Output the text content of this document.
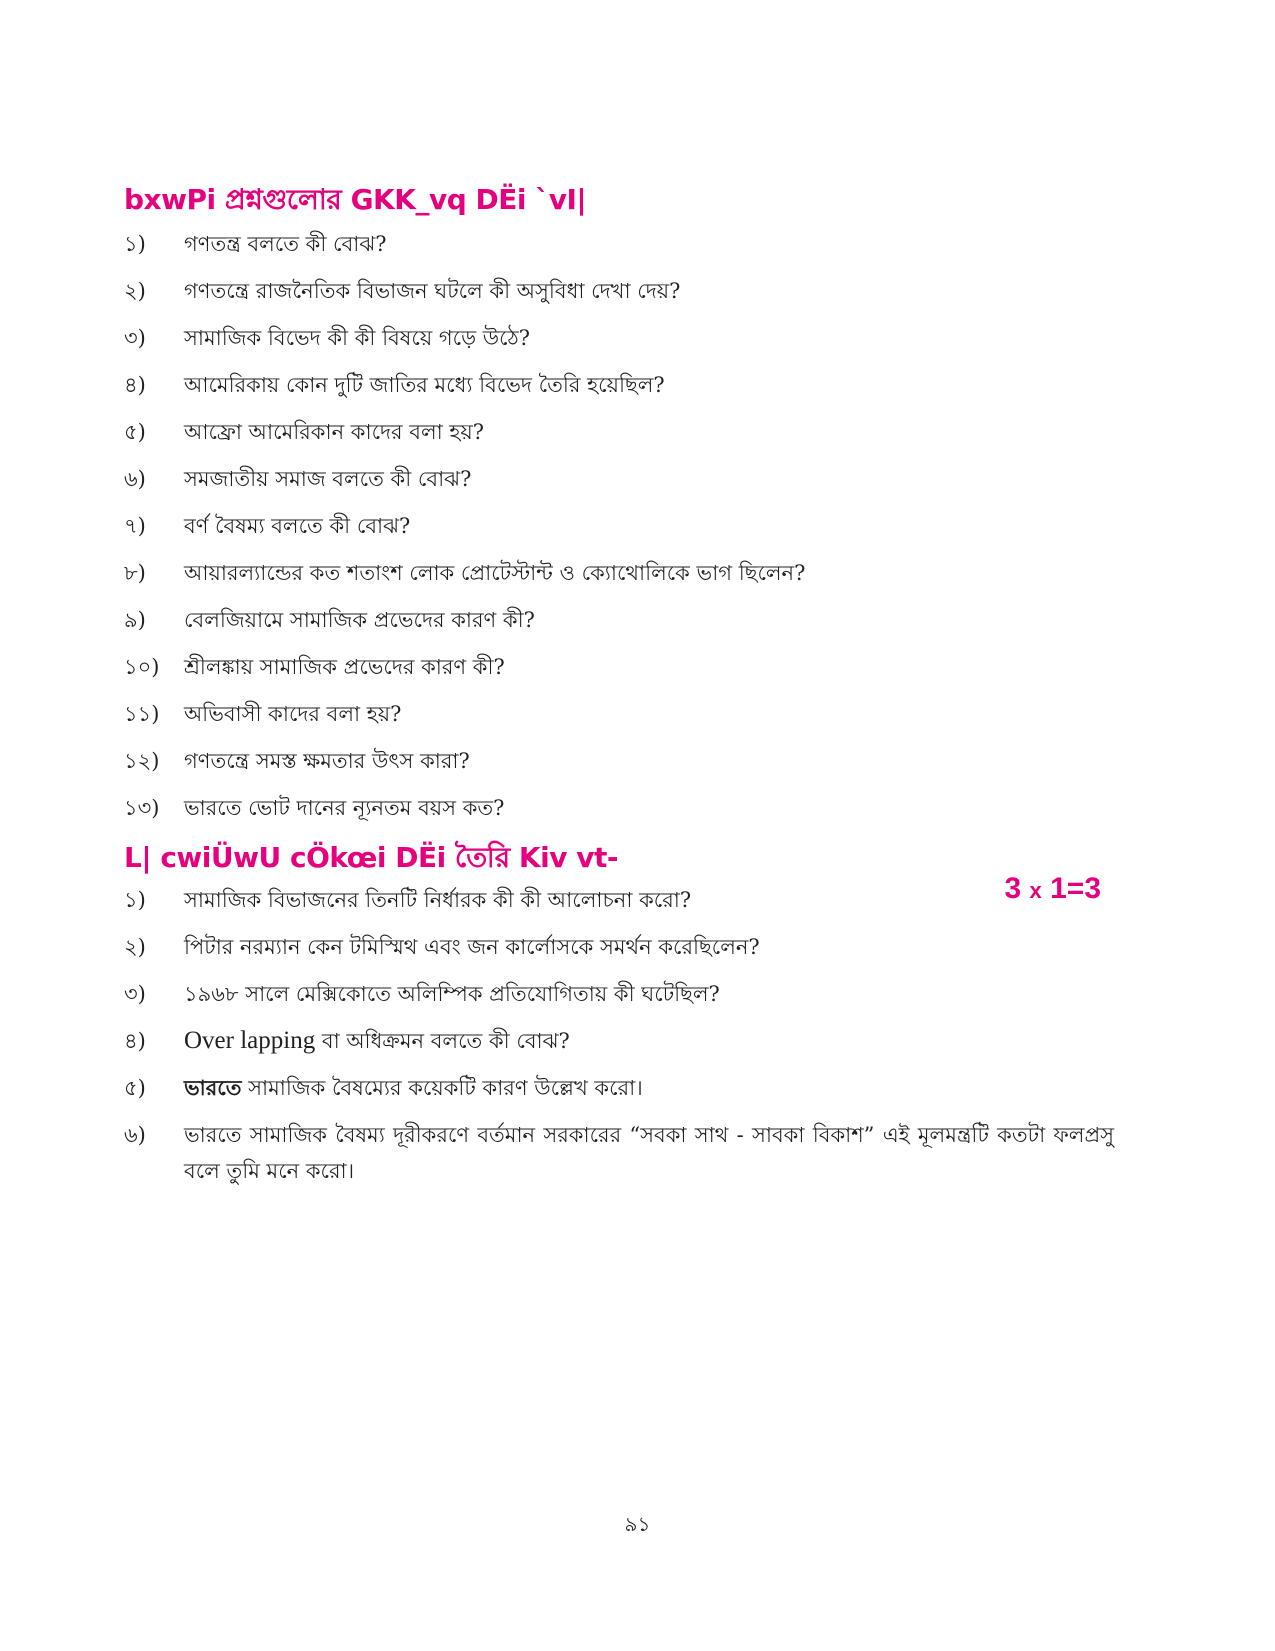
bxwPi প্রশ্নগুলোর GKK_vq DËi `vI|
১)	গণতন্ত্র বলতে কী বোঝ?
২)	গণতন্ত্রে রাজনৈতিক বিভাজন ঘটলে কী অসুবিধা দেখা দেয়?
৩)	সামাজিক বিভেদ কী কী বিষয়ে গড়ে উঠে?
৪)	আমেরিকায় কোন দুটি জাতির মধ্যে বিভেদ তৈরি হয়েছিল?
৫)	আফ্রো আমেরিকান কাদের বলা হয়?
৬)	সমজাতীয় সমাজ বলতে কী বোঝ?
৭)	বর্ণ বৈষম্য বলতে কী বোঝ?
৮)	আয়ারল্যান্ডের কত শতাংশ লোক প্রোটেস্টান্ট ও ক্যোথোলিকে ভাগ ছিলেন?
৯)	বেলজিয়ামে সামাজিক প্রভেদের কারণ কী?
১০)	শ্রীলঙ্কায় সামাজিক প্রভেদের কারণ কী?
১১)	অভিবাসী কাদের বলা হয়?
১২)	গণতন্ত্রে সমস্ত ক্ষমতার উৎস কারা?
১৩)	ভারতে ভোট দানের ন্যূনতম বয়স কত?
L| cwiÜwU cÖkœi DËi তৈরি Kiv vt-
3 x 1=3
১)	সামাজিক বিভাজনের তিনটি নির্ধারক কী কী আলোচনা করো?
২)	পিটার নরম্যান কেন টমিস্মিথ এবং জন কার্লোসকে সমর্থন করেছিলেন?
৩)	১৯৬৮ সালে মেক্সিকোতে অলিম্পিক প্রতিযোগিতায় কী ঘটেছিল?
৪)	Over lapping বা অধিক্রমন বলতে কী বোঝ?
৫)	ভারতে সামাজিক বৈষম্যের কয়েকটি কারণ উল্লেখ করো।
৬)	ভারতে সামাজিক বৈষম্য দূরীকরণে বর্তমান সরকারের “সবকা সাথ - সাবকা বিকাশ” এই মূলমন্ত্রটি কতটা ফলপ্রসু বলে তুমি মনে করো।
৯১
